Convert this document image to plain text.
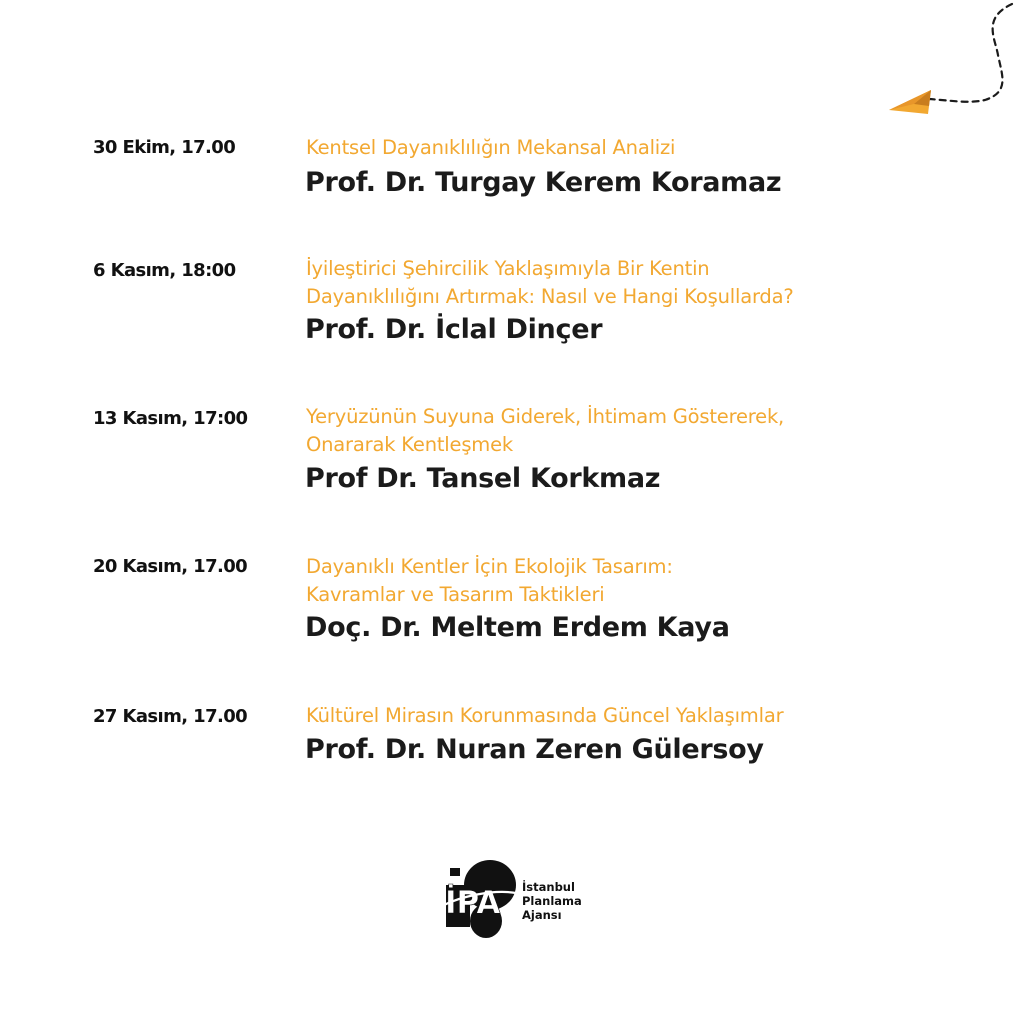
30 Ekim, 17.00	Kentsel Dayanıklılığın Mekansal Analizi
Prof. Dr. Turgay Kerem Koramaz
6 Kasım, 18:00	İyileştirici Şehircilik Yaklaşımıyla Bir Kentin
Dayanıklılığını Artırmak: Nasıl ve Hangi Koşullarda?
Prof. Dr. İclal Dinçer
13 Kasım, 17:00	Yeryüzünün Suyuna Giderek, İhtimam Göstererek,
Onararak Kentleşmek
Prof Dr. Tansel Korkmaz
20 Kasım, 17.00	Dayanıklı Kentler İçin Ekolojik Tasarım:
Kavramlar ve Tasarım Taktikleri
Doç. Dr. Meltem Erdem Kaya
27 Kasım, 17.00	Kültürel Mirasın Korunmasında Güncel Yaklaşımlar
Prof. Dr. Nuran Zeren Gülersoy
İPA İstanbul
Planlama
Ajansı
